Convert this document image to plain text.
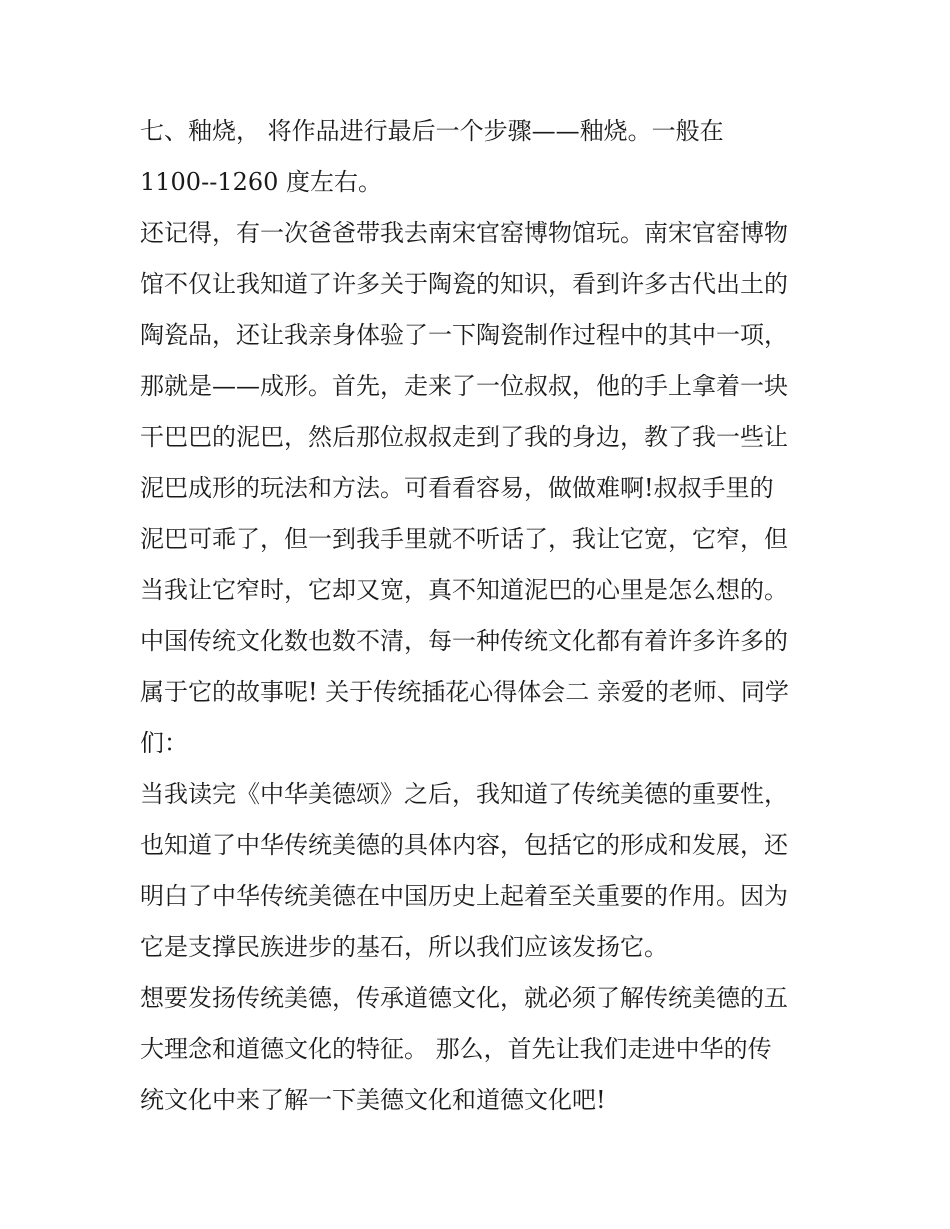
七、釉烧， 将作品进行最后一个步骤——釉烧。一般在
1100--1260 度左右。
还记得，有一次爸爸带我去南宋官窑博物馆玩。南宋官窑博物
馆不仅让我知道了许多关于陶瓷的知识，看到许多古代出土的
陶瓷品，还让我亲身体验了一下陶瓷制作过程中的其中一项，
那就是——成形。首先，走来了一位叔叔，他的手上拿着一块
干巴巴的泥巴，然后那位叔叔走到了我的身边，教了我一些让
泥巴成形的玩法和方法。可看看容易，做做难啊!叔叔手里的
泥巴可乖了，但一到我手里就不听话了，我让它宽，它窄，但
当我让它窄时，它却又宽，真不知道泥巴的心里是怎么想的。
中国传统文化数也数不清，每一种传统文化都有着许多许多的
属于它的故事呢! 关于传统插花心得体会二 亲爱的老师、同学
们：
当我读完《中华美德颂》之后，我知道了传统美德的重要性，
也知道了中华传统美德的具体内容，包括它的形成和发展，还
明白了中华传统美德在中国历史上起着至关重要的作用。因为
它是支撑民族进步的基石，所以我们应该发扬它。
想要发扬传统美德，传承道德文化，就必须了解传统美德的五
大理念和道德文化的特征。 那么，首先让我们走进中华的传
统文化中来了解一下美德文化和道德文化吧!
